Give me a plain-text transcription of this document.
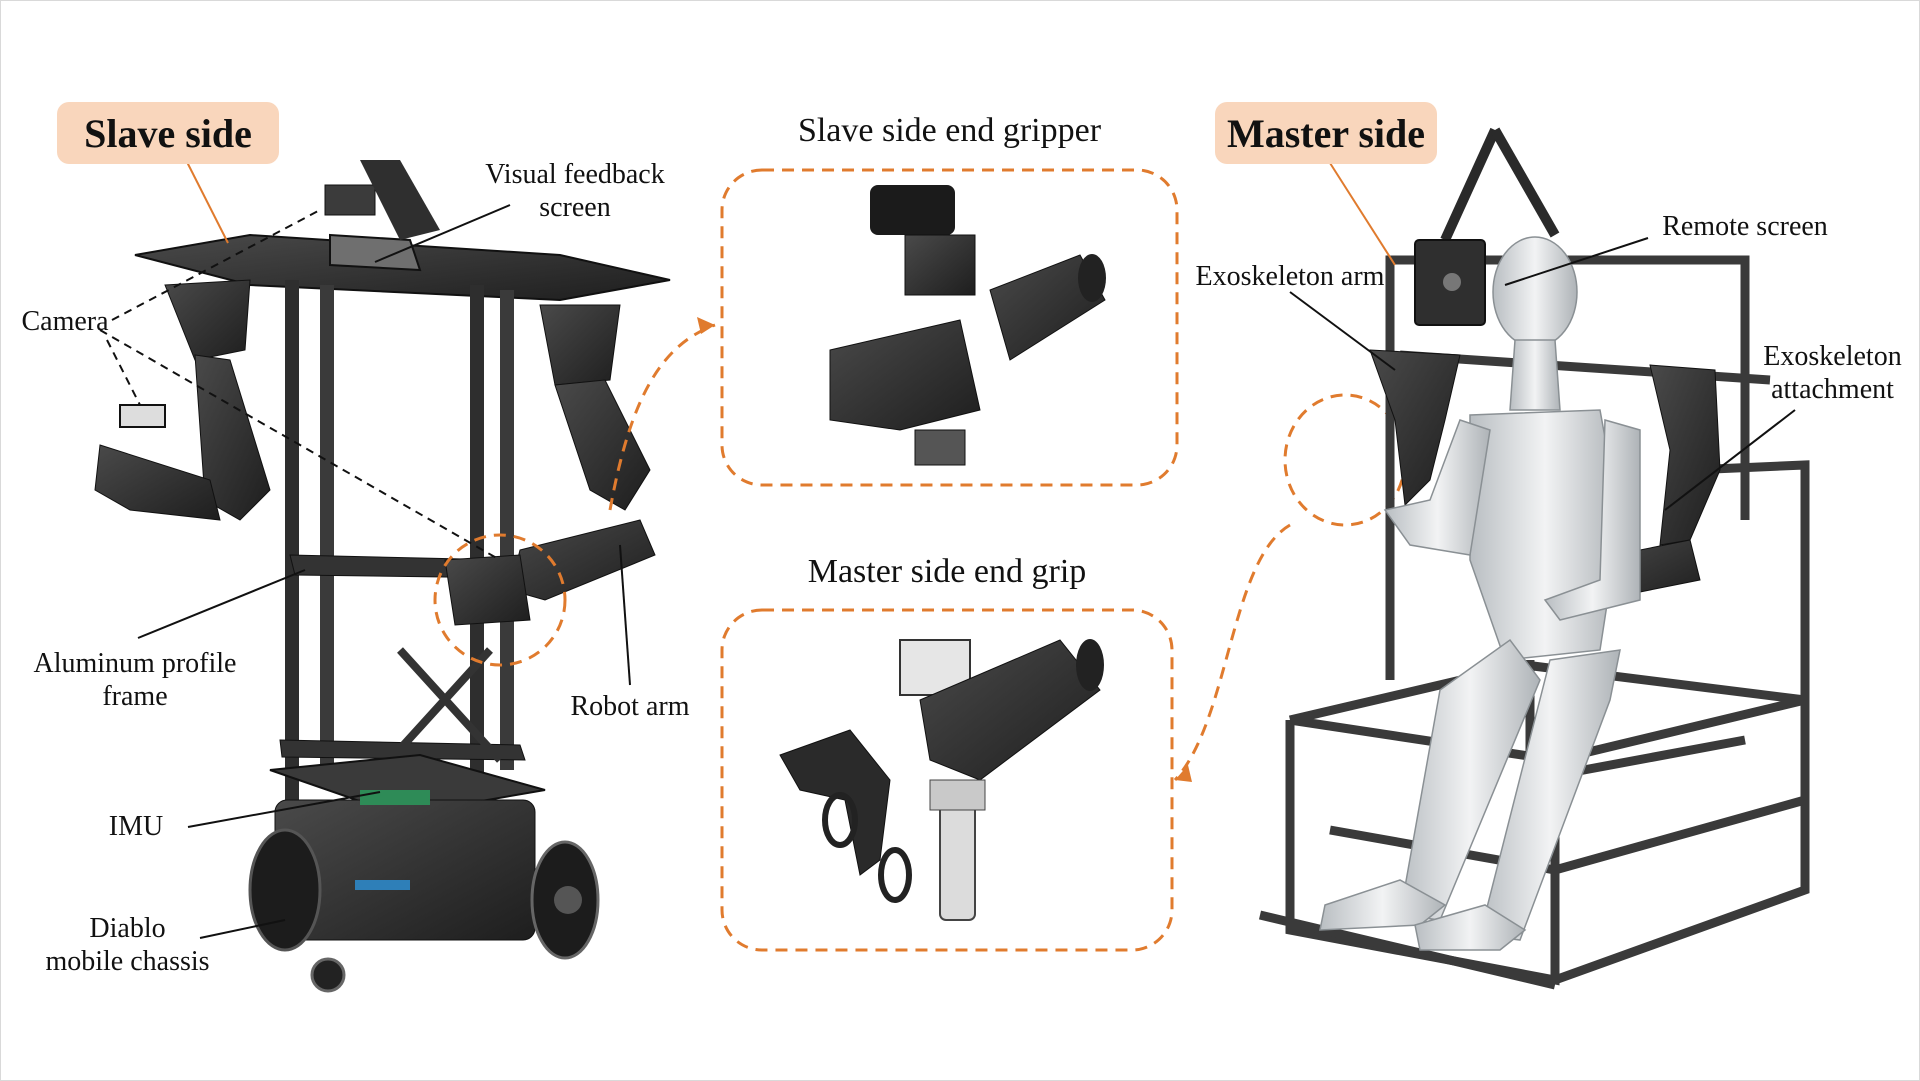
Slave side	Master side
Slave side end gripper
Master side end grip
Visual feedback
screen
Camera
Aluminum profile
frame	Robot arm
IMU
Diablo
mobile chassis
Remote screen
Exoskeleton arm
Exoskeleton
attachment
